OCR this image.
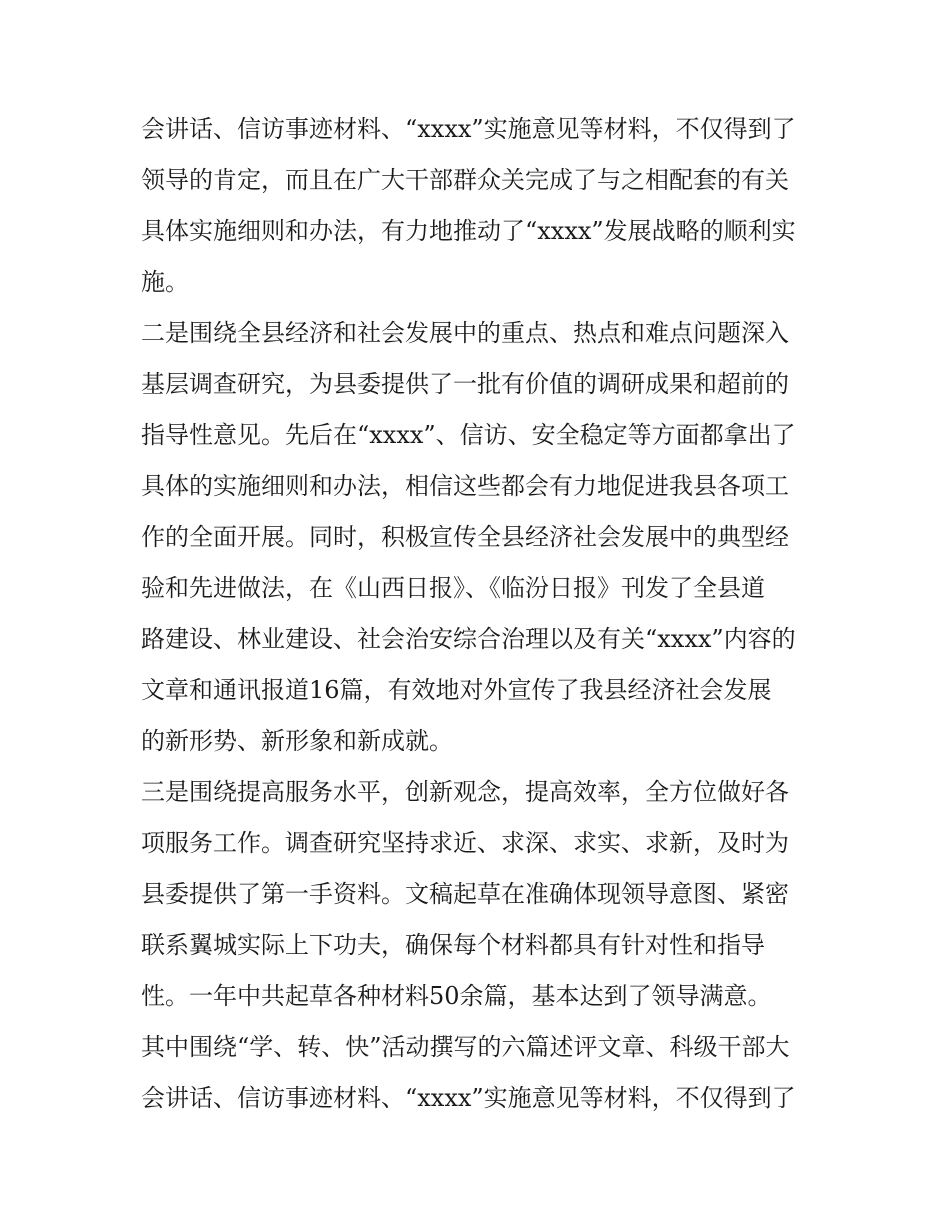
会讲话、信访事迹材料、“xxxx”实施意见等材料，不仅得到了
领导的肯定，而且在广大干部群众关完成了与之相配套的有关
具体实施细则和办法，有力地推动了“xxxx”发展战略的顺利实
施。
二是围绕全县经济和社会发展中的重点、热点和难点问题深入
基层调查研究，为县委提供了一批有价值的调研成果和超前的
指导性意见。先后在“xxxx”、信访、安全稳定等方面都拿出了
具体的实施细则和办法，相信这些都会有力地促进我县各项工
作的全面开展。同时，积极宣传全县经济社会发展中的典型经
验和先进做法，在《山西日报》、《临汾日报》刊发了全县道
路建设、林业建设、社会治安综合治理以及有关“xxxx”内容的
文章和通讯报道16篇，有效地对外宣传了我县经济社会发展
的新形势、新形象和新成就。
三是围绕提高服务水平，创新观念，提高效率，全方位做好各
项服务工作。调查研究坚持求近、求深、求实、求新，及时为
县委提供了第一手资料。文稿起草在准确体现领导意图、紧密
联系翼城实际上下功夫，确保每个材料都具有针对性和指导
性。一年中共起草各种材料50余篇，基本达到了领导满意。
其中围绕“学、转、快”活动撰写的六篇述评文章、科级干部大
会讲话、信访事迹材料、“xxxx”实施意见等材料，不仅得到了
